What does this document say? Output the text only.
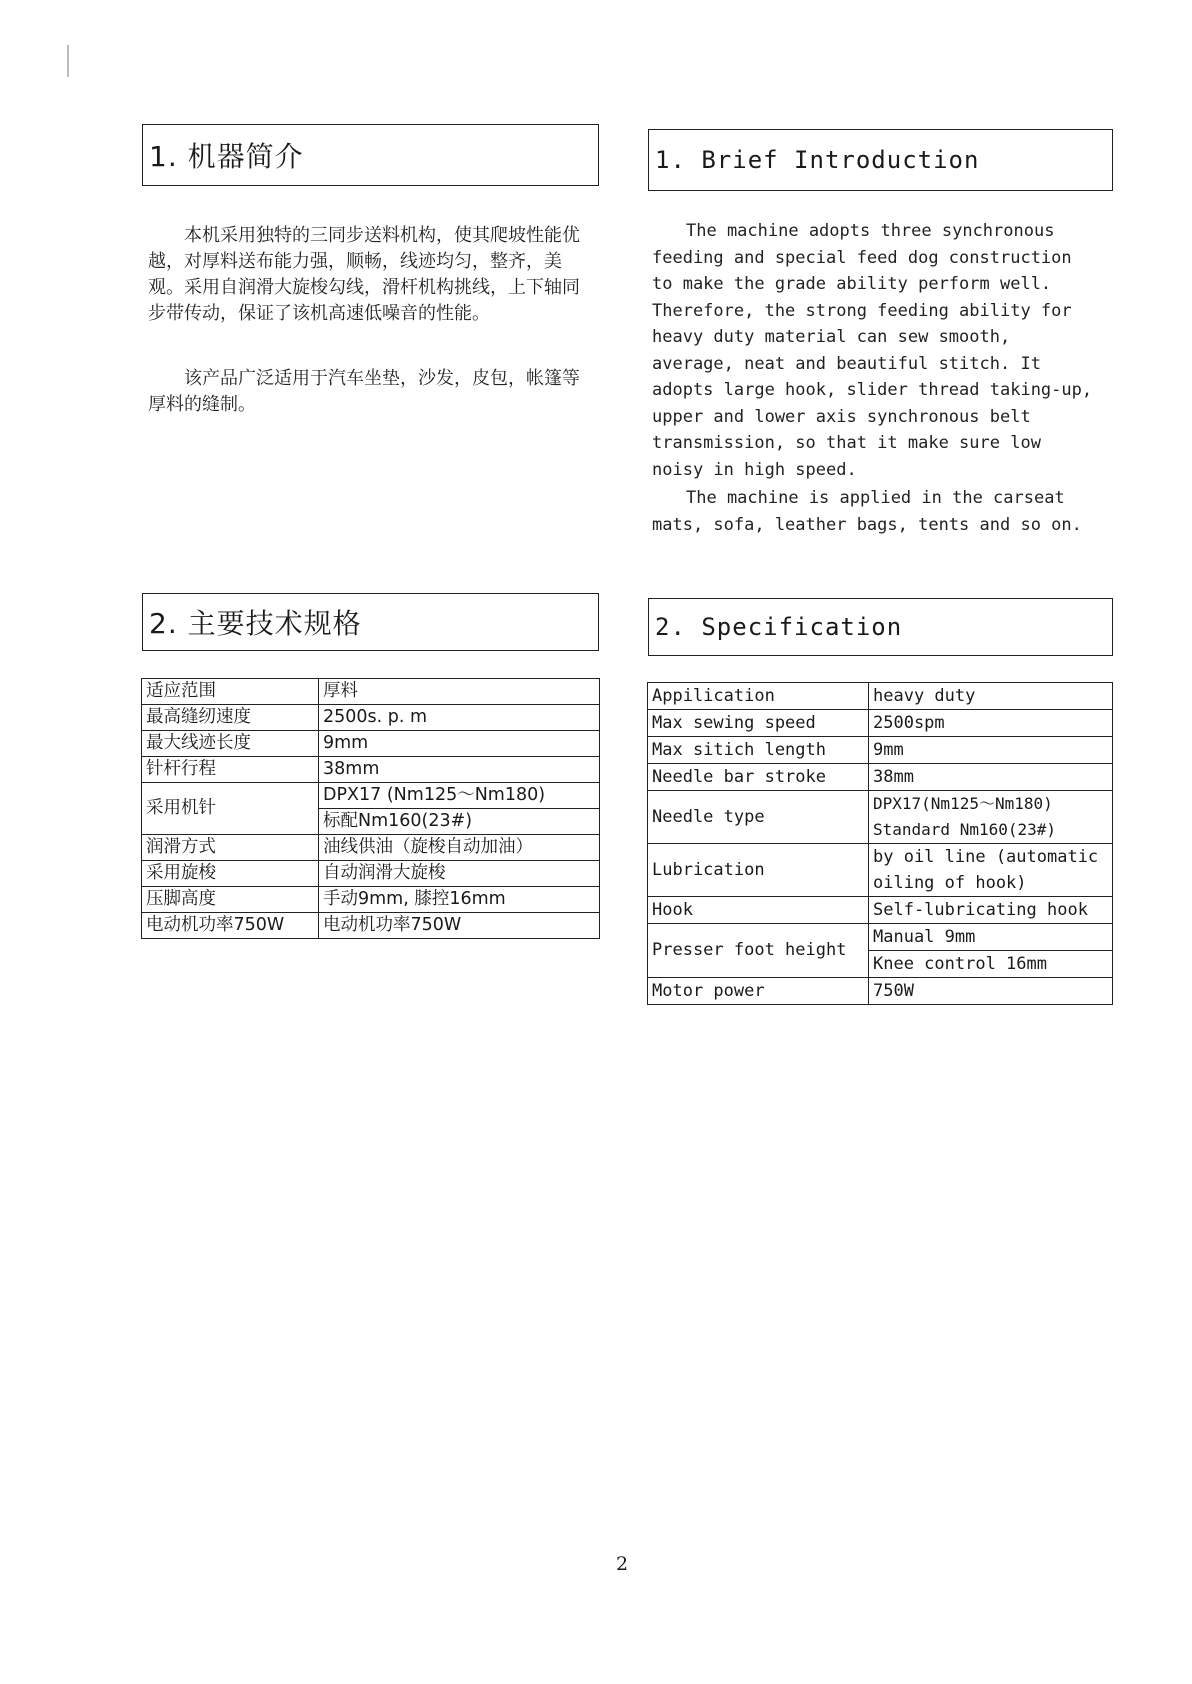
1. 机器简介	1. Brief Introduction

本机采用独特的三同步送料机构，使其爬坡性能优越，对厚料送布能力强，顺畅，线迹均匀，整齐，美观。采用自润滑大旋梭勾线，滑杆机构挑线，上下轴同步带传动，保证了该机高速低噪音的性能。

该产品广泛适用于汽车坐垫，沙发，皮包，帐篷等厚料的缝制。

The machine adopts three synchronous feeding and special feed dog construction to make the grade ability perform well. Therefore, the strong feeding ability for heavy duty material can sew smooth, average, neat and beautiful stitch. It adopts large hook, slider thread taking-up, upper and lower axis synchronous belt transmission, so that it make sure low noisy in high speed.

The machine is applied in the carseat mats, sofa, leather bags, tents and so on.

2. 主要技术规格	2. Specification
适应范围	厚料
最高缝纫速度	2500s. p. m
最大线迹长度	9mm
针杆行程	38mm
采用机针	DPX17 (Nm125～Nm180)
	标配Nm160(23#)
润滑方式	油线供油（旋梭自动加油）
采用旋梭	自动润滑大旋梭
压脚高度	手动9mm, 膝控16mm
电动机功率750W	电动机功率750W
Appilication	heavy duty
Max sewing speed	2500spm
Max sitich length	9mm
Needle bar stroke	38mm
Needle type	DPX17(Nm125～Nm180) Standard Nm160(23#)
Lubrication	by oil line (automatic oiling of hook)
Hook	Self-lubricating hook
Presser foot height	Manual 9mm
	Knee control 16mm
Motor power	750W
2
